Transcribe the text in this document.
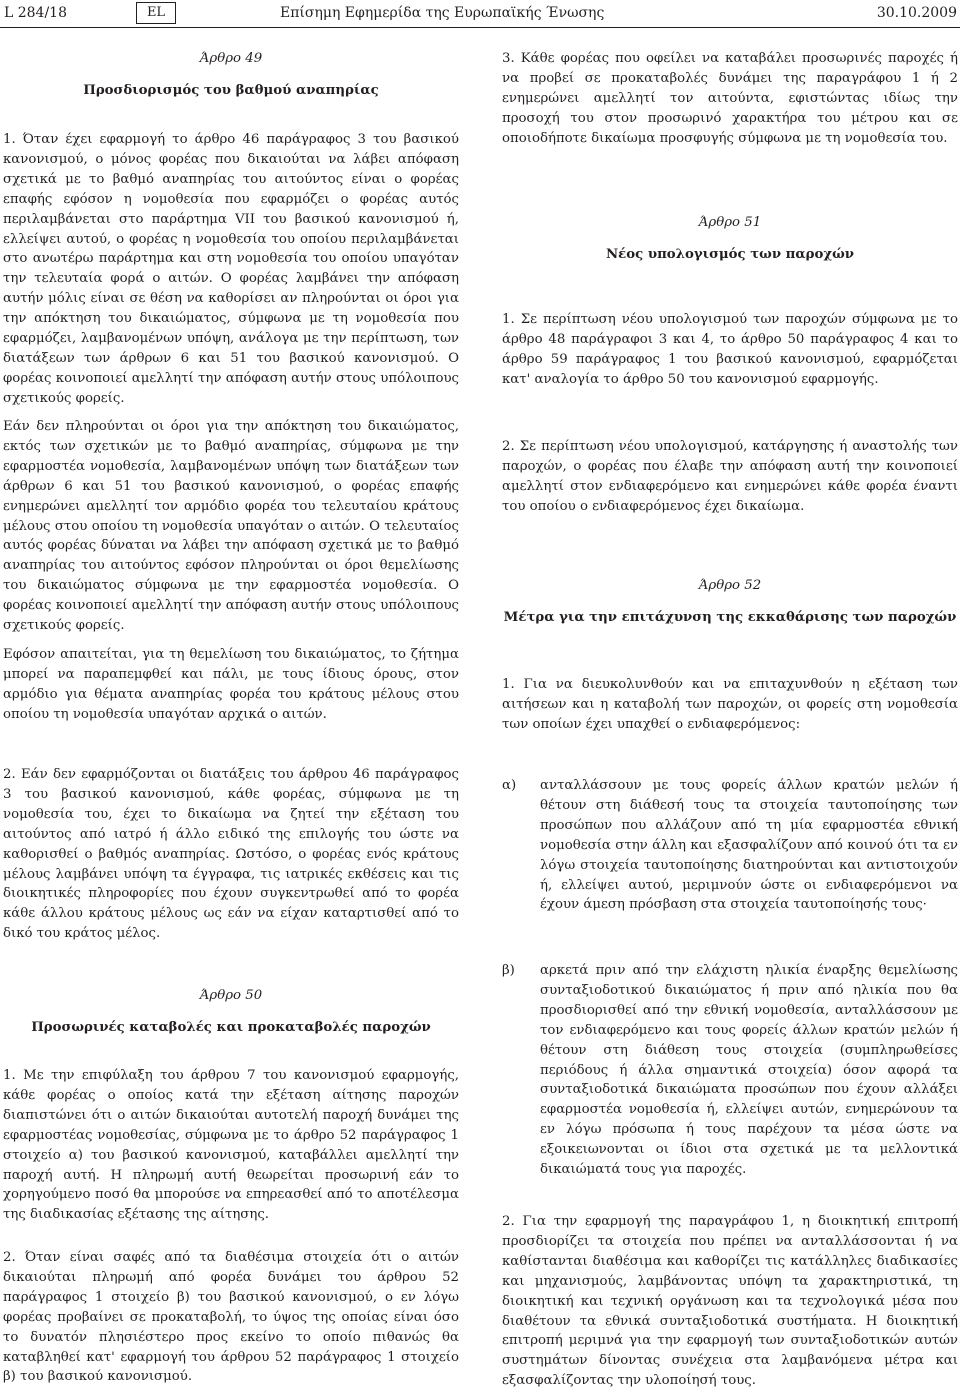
L 284/18	EL	Επίσημη Εφημερίδα της Ευρωπαϊκής Ένωσης	30.10.2009
Άρθρο 49
Προσδιορισμός του βαθμού αναπηρίας

1. Όταν έχει εφαρμογή το άρθρο 46 παράγραφος 3 του βασικού κανονισμού, ο μόνος φορέας που δικαιούται να λάβει απόφαση σχετικά με το βαθμό αναπηρίας του αιτούντος είναι ο φορέας επαφής εφόσον η νομοθεσία που εφαρμόζει ο φορέας αυτός περιλαμβάνεται στο παράρτημα VII του βασικού κανονισμού ή, ελλείψει αυτού, ο φορέας η νομοθεσία του οποίου περιλαμβάνεται στο ανωτέρω παράρτημα και στη νομοθεσία του οποίου υπαγόταν την τελευταία φορά ο αιτών. Ο φορέας λαμβάνει την απόφαση αυτήν μόλις είναι σε θέση να καθορίσει αν πληρούνται οι όροι για την απόκτηση του δικαιώματος, σύμφωνα με τη νομοθεσία που εφαρμόζει, λαμβανομένων υπόψη, ανάλογα με την περίπτωση, των διατάξεων των άρθρων 6 και 51 του βασικού κανονισμού. Ο φορέας κοινοποιεί αμελλητί την απόφαση αυτήν στους υπόλοιπους σχετικούς φορείς.

Εάν δεν πληρούνται οι όροι για την απόκτηση του δικαιώματος, εκτός των σχετικών με το βαθμό αναπηρίας, σύμφωνα με την εφαρμοστέα νομοθεσία, λαμβανομένων υπόψη των διατάξεων των άρθρων 6 και 51 του βασικού κανονισμού, ο φορέας επαφής ενημερώνει αμελλητί τον αρμόδιο φορέα του τελευταίου κράτους μέλους στου οποίου τη νομοθεσία υπαγόταν ο αιτών. Ο τελευταίος αυτός φορέας δύναται να λάβει την απόφαση σχετικά με το βαθμό αναπηρίας του αιτούντος εφόσον πληρούνται οι όροι θεμελίωσης του δικαιώματος σύμφωνα με την εφαρμοστέα νομοθεσία. Ο φορέας κοινοποιεί αμελλητί την απόφαση αυτήν στους υπόλοιπους σχετικούς φορείς.

Εφόσον απαιτείται, για τη θεμελίωση του δικαιώματος, το ζήτημα μπορεί να παραπεμφθεί και πάλι, με τους ίδιους όρους, στον αρμόδιο για θέματα αναπηρίας φορέα του κράτους μέλους στου οποίου τη νομοθεσία υπαγόταν αρχικά ο αιτών.

2. Εάν δεν εφαρμόζονται οι διατάξεις του άρθρου 46 παράγραφος 3 του βασικού κανονισμού, κάθε φορέας, σύμφωνα με τη νομοθεσία του, έχει το δικαίωμα να ζητεί την εξέταση του αιτούντος από ιατρό ή άλλο ειδικό της επιλογής του ώστε να καθορισθεί ο βαθμός αναπηρίας. Ωστόσο, ο φορέας ενός κράτους μέλους λαμβάνει υπόψη τα έγγραφα, τις ιατρικές εκθέσεις και τις διοικητικές πληροφορίες που έχουν συγκεντρωθεί από το φορέα κάθε άλλου κράτους μέλους ως εάν να είχαν καταρτισθεί από το δικό του κράτος μέλος.

Άρθρο 50
Προσωρινές καταβολές και προκαταβολές παροχών

1. Με την επιφύλαξη του άρθρου 7 του κανονισμού εφαρμογής, κάθε φορέας ο οποίος κατά την εξέταση αίτησης παροχών διαπιστώνει ότι ο αιτών δικαιούται αυτοτελή παροχή δυνάμει της εφαρμοστέας νομοθεσίας, σύμφωνα με το άρθρο 52 παράγραφος 1 στοιχείο α) του βασικού κανονισμού, καταβάλλει αμελλητί την παροχή αυτή. Η πληρωμή αυτή θεωρείται προσωρινή εάν το χορηγούμενο ποσό θα μπορούσε να επηρεασθεί από το αποτέλεσμα της διαδικασίας εξέτασης της αίτησης.

2. Όταν είναι σαφές από τα διαθέσιμα στοιχεία ότι ο αιτών δικαιούται πληρωμή από φορέα δυνάμει του άρθρου 52 παράγραφος 1 στοιχείο β) του βασικού κανονισμού, ο εν λόγω φορέας προβαίνει σε προκαταβολή, το ύψος της οποίας είναι όσο το δυνατόν πλησιέστερο προς εκείνο το οποίο πιθανώς θα καταβληθεί κατ' εφαρμογή του άρθρου 52 παράγραφος 1 στοιχείο β) του βασικού κανονισμού.

3. Κάθε φορέας που οφείλει να καταβάλει προσωρινές παροχές ή να προβεί σε προκαταβολές δυνάμει της παραγράφου 1 ή 2 ενημερώνει αμελλητί τον αιτούντα, εφιστώντας ιδίως την προσοχή του στον προσωρινό χαρακτήρα του μέτρου και σε οποιοδήποτε δικαίωμα προσφυγής σύμφωνα με τη νομοθεσία του.

Άρθρο 51
Νέος υπολογισμός των παροχών

1. Σε περίπτωση νέου υπολογισμού των παροχών σύμφωνα με το άρθρο 48 παράγραφοι 3 και 4, το άρθρο 50 παράγραφος 4 και το άρθρο 59 παράγραφος 1 του βασικού κανονισμού, εφαρμόζεται κατ' αναλογία το άρθρο 50 του κανονισμού εφαρμογής.

2. Σε περίπτωση νέου υπολογισμού, κατάργησης ή αναστολής των παροχών, ο φορέας που έλαβε την απόφαση αυτή την κοινοποιεί αμελλητί στον ενδιαφερόμενο και ενημερώνει κάθε φορέα έναντι του οποίου ο ενδιαφερόμενος έχει δικαίωμα.

Άρθρο 52
Μέτρα για την επιτάχυνση της εκκαθάρισης των παροχών

1. Για να διευκολυνθούν και να επιταχυνθούν η εξέταση των αιτήσεων και η καταβολή των παροχών, οι φορείς στη νομοθεσία των οποίων έχει υπαχθεί ο ενδιαφερόμενος:

α) ανταλλάσσουν με τους φορείς άλλων κρατών μελών ή θέτουν στη διάθεσή τους τα στοιχεία ταυτοποίησης των προσώπων που αλλάζουν από τη μία εφαρμοστέα εθνική νομοθεσία στην άλλη και εξασφαλίζουν από κοινού ότι τα εν λόγω στοιχεία ταυτοποίησης διατηρούνται και αντιστοιχούν ή, ελλείψει αυτού, μεριμνούν ώστε οι ενδιαφερόμενοι να έχουν άμεση πρόσβαση στα στοιχεία ταυτοποίησής τους·

β) αρκετά πριν από την ελάχιστη ηλικία έναρξης θεμελίωσης συνταξιοδοτικού δικαιώματος ή πριν από ηλικία που θα προσδιορισθεί από την εθνική νομοθεσία, ανταλλάσσουν με τον ενδιαφερόμενο και τους φορείς άλλων κρατών μελών ή θέτουν στη διάθεση τους στοιχεία (συμπληρωθείσες περιόδους ή άλλα σημαντικά στοιχεία) όσον αφορά τα συνταξιοδοτικά δικαιώματα προσώπων που έχουν αλλάξει εφαρμοστέα νομοθεσία ή, ελλείψει αυτών, ενημερώνουν τα εν λόγω πρόσωπα ή τους παρέχουν τα μέσα ώστε να εξοικειωνονται οι ίδιοι στα σχετικά με τα μελλοντικά δικαιώματά τους για παροχές.

2. Για την εφαρμογή της παραγράφου 1, η διοικητική επιτροπή προσδιορίζει τα στοιχεία που πρέπει να ανταλλάσσονται ή να καθίστανται διαθέσιμα και καθορίζει τις κατάλληλες διαδικασίες και μηχανισμούς, λαμβάνοντας υπόψη τα χαρακτηριστικά, τη διοικητική και τεχνική οργάνωση και τα τεχνολογικά μέσα που διαθέτουν τα εθνικά συνταξιοδοτικά συστήματα. Η διοικητική επιτροπή μεριμνά για την εφαρμογή των συνταξιοδοτικών αυτών συστημάτων δίνοντας συνέχεια στα λαμβανόμενα μέτρα και εξασφαλίζοντας την υλοποίησή τους.
